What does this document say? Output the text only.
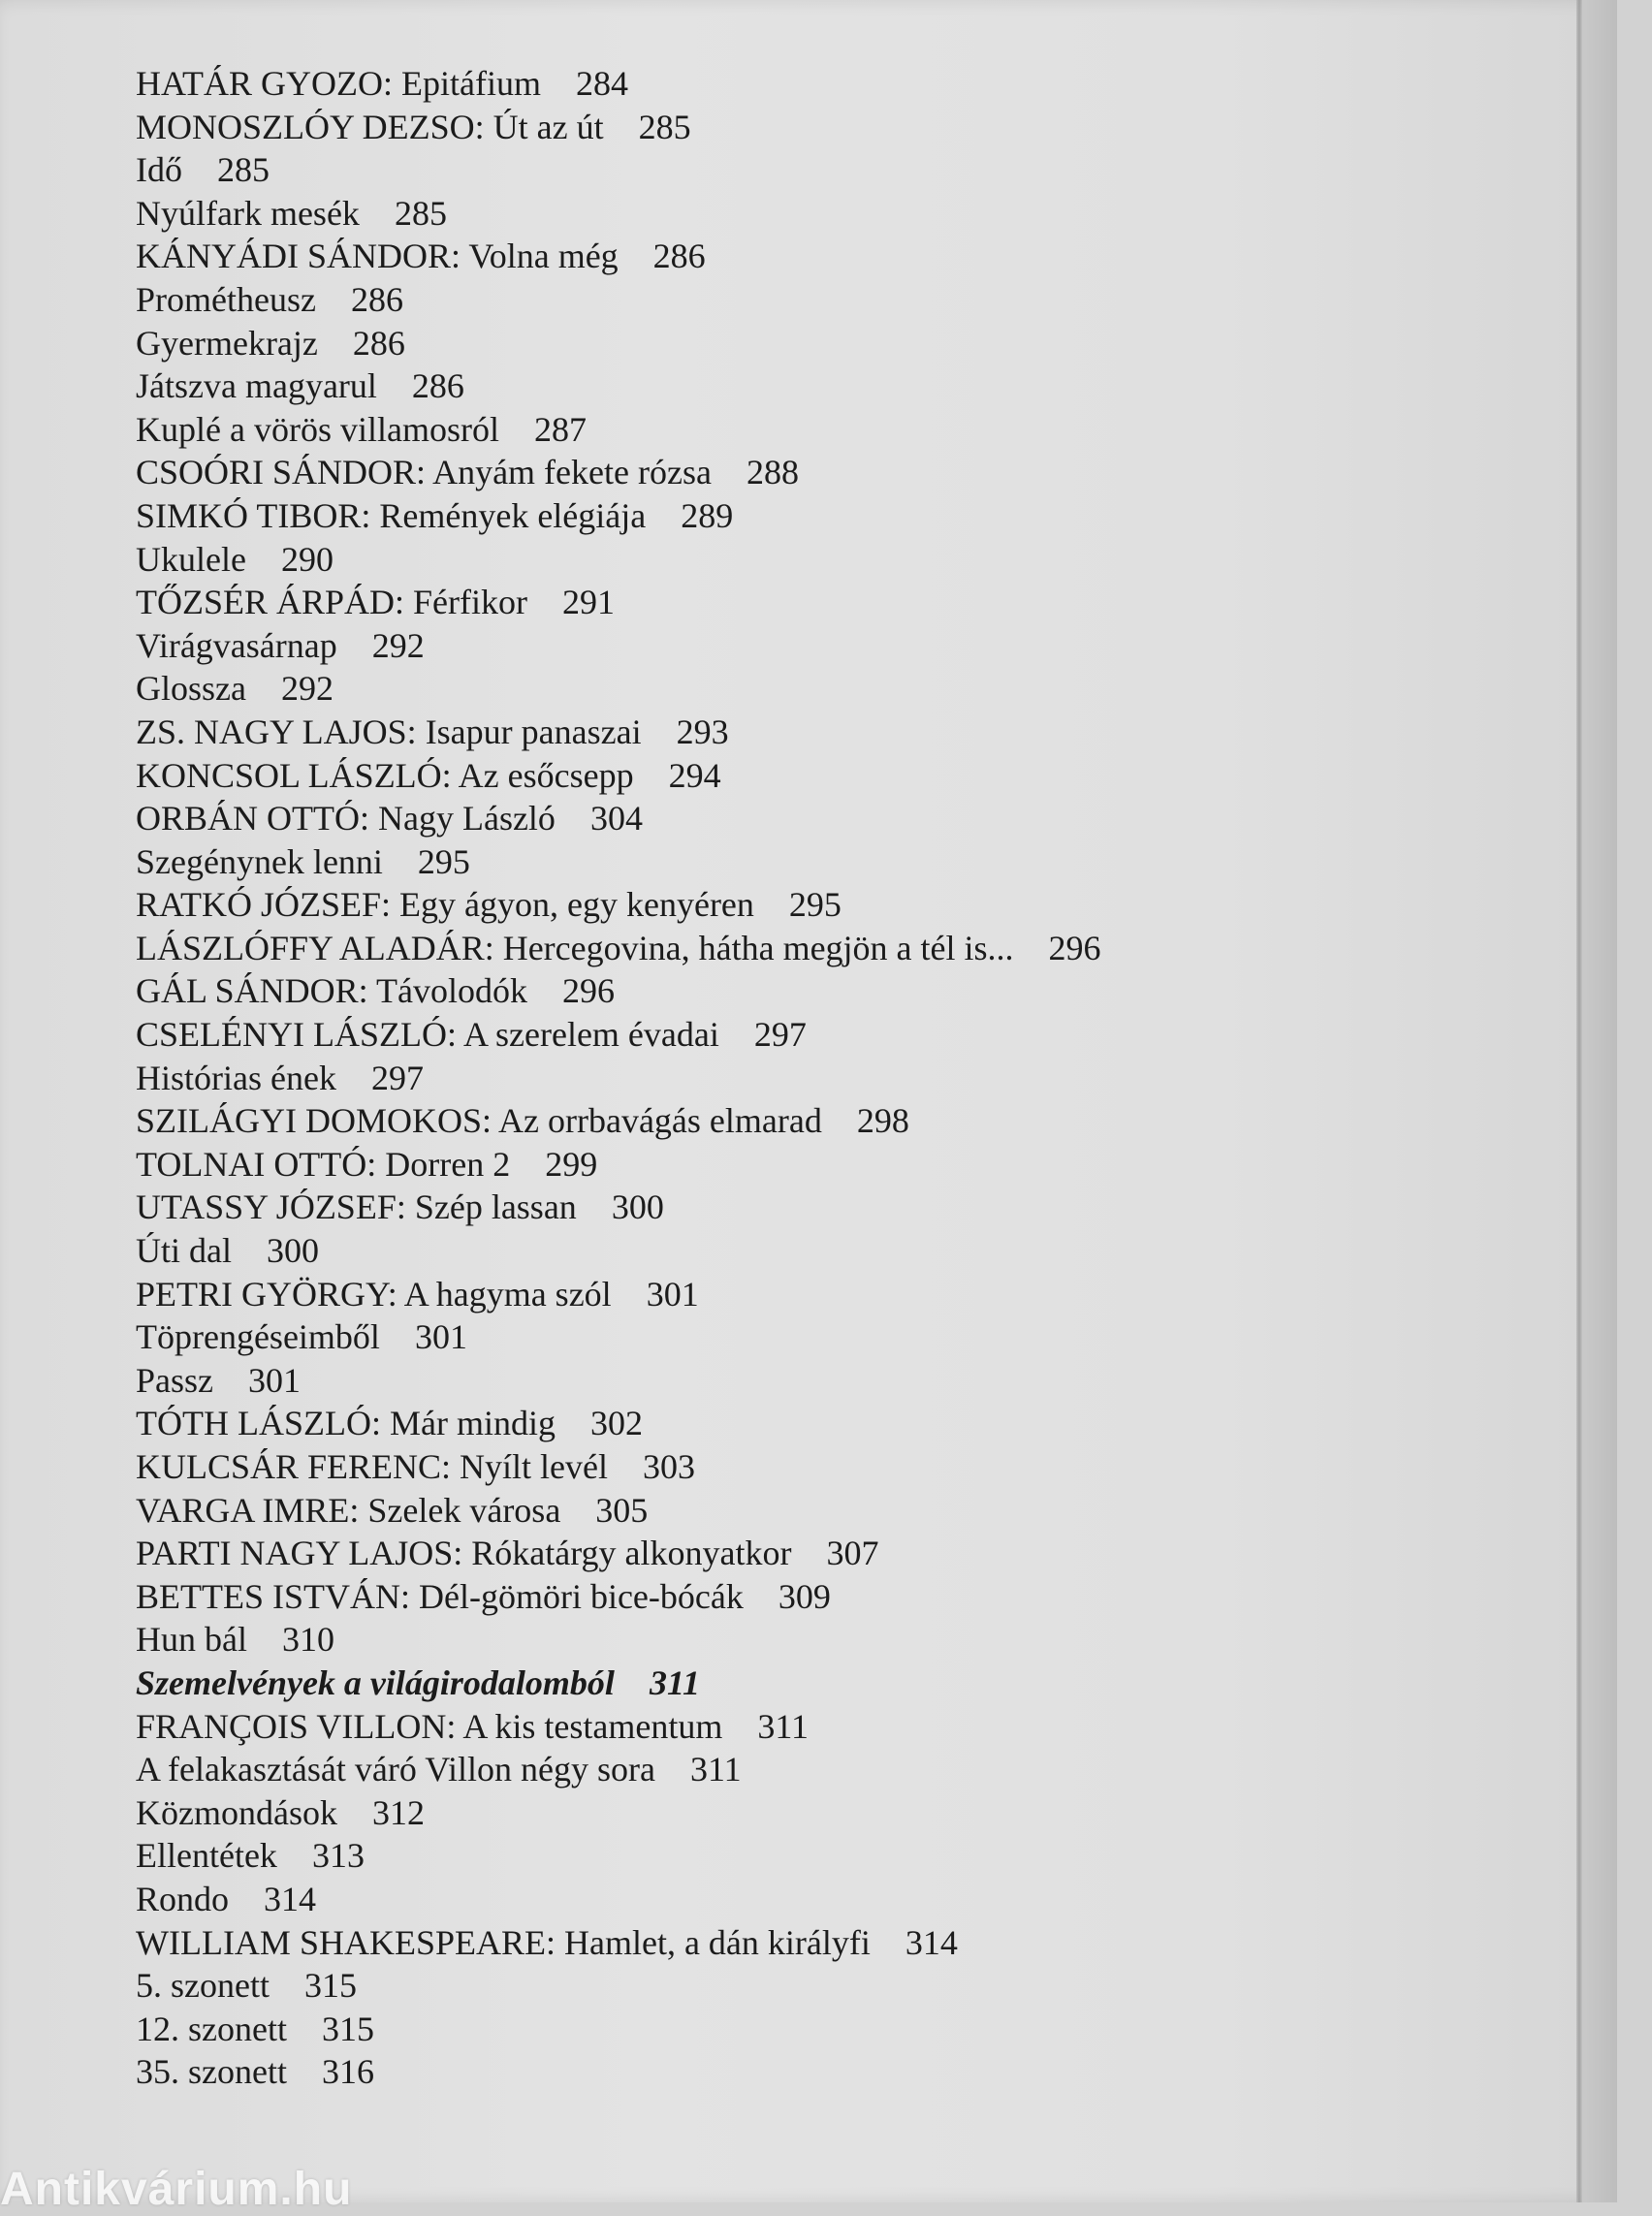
HATÁR GYOZO: Epitáfium 284
MONOSZLÓY DEZSO: Út az út 285
Idő 285
Nyúlfark mesék 285
KÁNYÁDI SÁNDOR: Volna még 286
Prométheusz 286
Gyermekrajz 286
Játszva magyarul 286
Kuplé a vörös villamosról 287
CSOÓRI SÁNDOR: Anyám fekete rózsa 288
SIMKÓ TIBOR: Remények elégiája 289
Ukulele 290
TŐZSÉR ÁRPÁD: Férfikor 291
Virágvasárnap 292
Glossza 292
ZS. NAGY LAJOS: Isapur panaszai 293
KONCSOL LÁSZLÓ: Az esőcsepp 294
ORBÁN OTTÓ: Nagy László 304
Szegénynek lenni 295
RATKÓ JÓZSEF: Egy ágyon, egy kenyéren 295
LÁSZLÓFFY ALADÁR: Hercegovina, hátha megjön a tél is... 296
GÁL SÁNDOR: Távolodók 296
CSELÉNYI LÁSZLÓ: A szerelem évadai 297
Histórias ének 297
SZILÁGYI DOMOKOS: Az orrbavágás elmarad 298
TOLNAI OTTÓ: Dorren 2 299
UTASSY JÓZSEF: Szép lassan 300
Úti dal 300
PETRI GYÖRGY: A hagyma szól 301
Töprengéseimből 301
Passz 301
TÓTH LÁSZLÓ: Már mindig 302
KULCSÁR FERENC: Nyílt levél 303
VARGA IMRE: Szelek városa 305
PARTI NAGY LAJOS: Rókatárgy alkonyatkor 307
BETTES ISTVÁN: Dél-gömöri bice-bócák 309
Hun bál 310
Szemelvények a világirodalomból 311
FRANÇOIS VILLON: A kis testamentum 311
A felakasztását váró Villon négy sora 311
Közmondások 312
Ellentétek 313
Rondo 314
WILLIAM SHAKESPEARE: Hamlet, a dán királyfi 314
5. szonett 315
12. szonett 315
35. szonett 316
Antikvárium.hu
